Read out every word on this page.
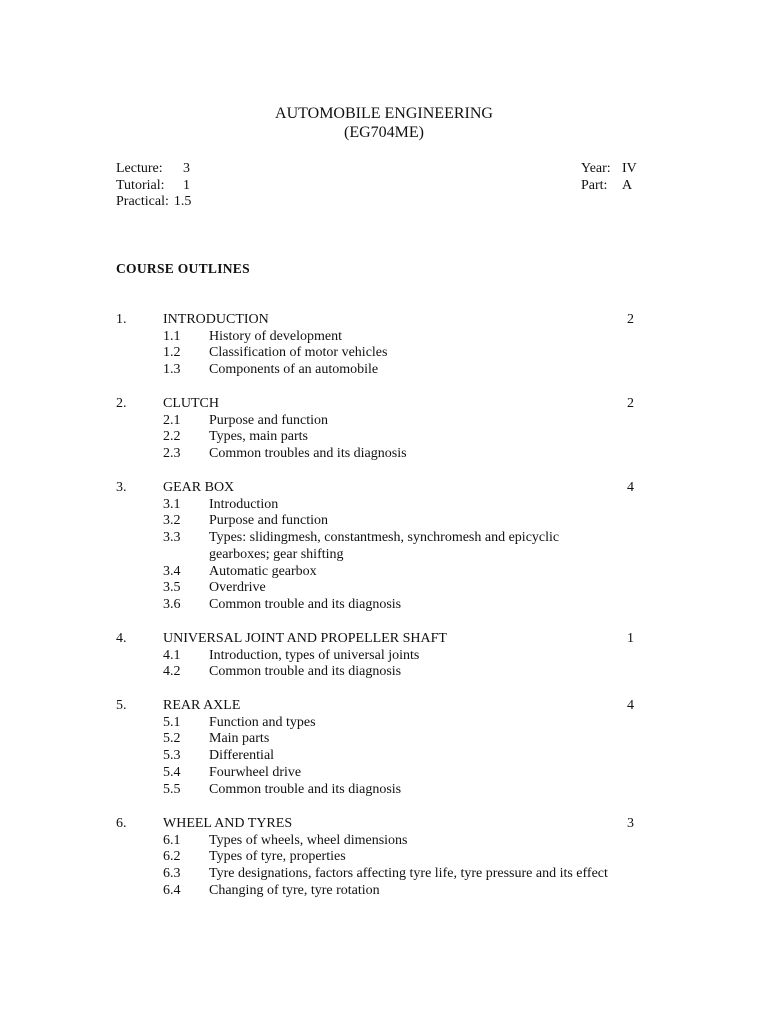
AUTOMOBILE ENGINEERING
(EG704ME)
Lecture:	3
Tutorial:	1
Practical: 1.5
Year: IV
Part:	A
COURSE OUTLINES
1.	INTRODUCTION	2
1.1 History of development
1.2 Classification of motor vehicles
1.3 Components of an automobile
2.	CLUTCH	2
2.1 Purpose and function
2.2 Types, main parts
2.3 Common troubles and its diagnosis
3.	GEAR BOX	4
3.1 Introduction
3.2 Purpose and function
3.3 Types: slidingmesh, constantmesh, synchromesh and epicyclic gearboxes; gear shifting
3.4 Automatic gearbox
3.5 Overdrive
3.6 Common trouble and its diagnosis
4.	UNIVERSAL JOINT AND PROPELLER SHAFT	1
4.1 Introduction, types of universal joints
4.2 Common trouble and its diagnosis
5.	REAR AXLE	4
5.1 Function and types
5.2 Main parts
5.3 Differential
5.4 Fourwheel drive
5.5 Common trouble and its diagnosis
6.	WHEEL AND TYRES	3
6.1 Types of wheels, wheel dimensions
6.2 Types of tyre, properties
6.3 Tyre designations, factors affecting tyre life, tyre pressure and its effect
6.4 Changing of tyre, tyre rotation
